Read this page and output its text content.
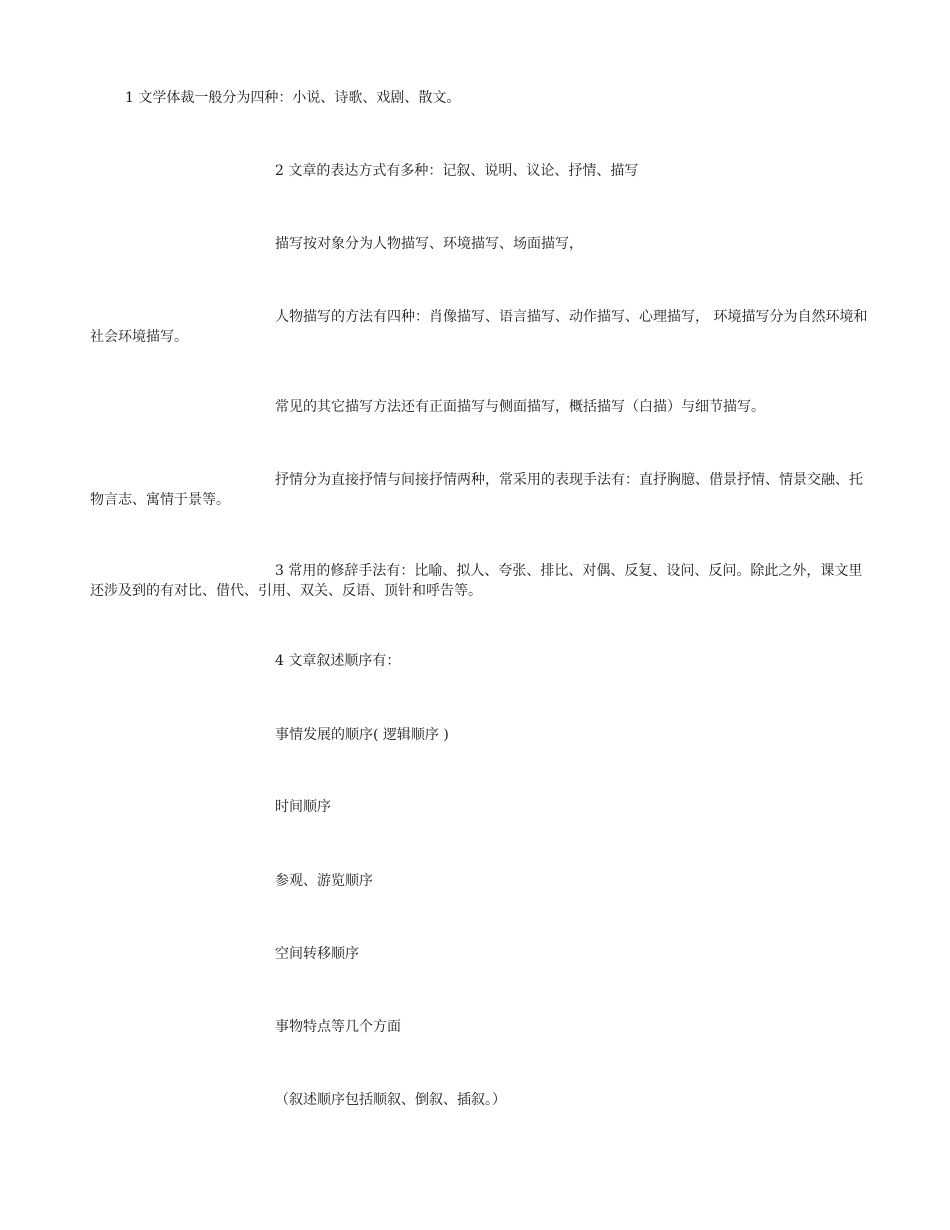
1 文学体裁一般分为四种：小说、诗歌、戏剧、散文。
2 文章的表达方式有多种：记叙、说明、议论、抒情、描写
描写按对象分为人物描写、环境描写、场面描写，
人物描写的方法有四种：肖像描写、语言描写、动作描写、心理描写， 环境描写分为自然环境和社会环境描写。
常见的其它描写方法还有正面描写与侧面描写，概括描写（白描）与细节描写。
抒情分为直接抒情与间接抒情两种，常采用的表现手法有：直抒胸臆、借景抒情、情景交融、托物言志、寓情于景等。
3 常用的修辞手法有：比喻、拟人、夸张、排比、对偶、反复、设问、反问。除此之外，课文里还涉及到的有对比、借代、引用、双关、反语、顶针和呼告等。
4 文章叙述顺序有：
事情发展的顺序( 逻辑顺序 )
时间顺序
参观、游览顺序
空间转移顺序
事物特点等几个方面
（叙述顺序包括顺叙、倒叙、插叙。）
